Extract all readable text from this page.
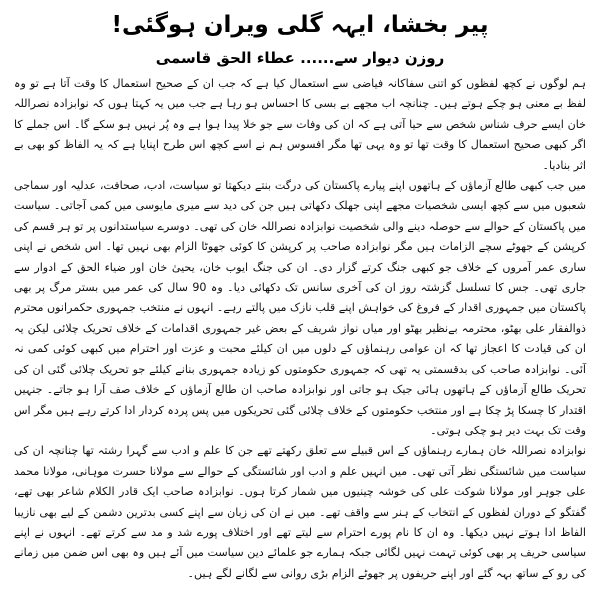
پیر بخشا، ایہہ گلی ویران ہوگئی!
روزن دیوار سے...... عطاء الحق قاسمی

ہم لوگوں نے کچھ لفظوں کو اتنی سفاکانہ فیاضی سے استعمال کیا ہے کہ جب ان کے صحیح استعمال کا وقت آتا ہے تو وہ لفظ بے معنی ہو چکے ہوتے ہیں۔ چنانچہ اب مجھے بے بسی کا احساس ہو رہا ہے جب میں یہ کہتا ہوں کہ نوابزادہ نصراللہ خان ایسے حرف شناس شخص سے حیا آتی ہے کہ ان کی وفات سے جو خلا پیدا ہوا ہے وہ پُر نہیں ہو سکے گا۔ اس جملے کا اگر کبھی صحیح استعمال کا وقت تھا تو وہ یہی تھا مگر افسوس ہم نے اسے کچھ اس طرح اپنایا ہے کہ یہ الفاظ کو بھی بے اثر بنادیا۔

میں جب کبھی طالع آزماؤں کے ہاتھوں اپنے پیارے پاکستان کی درگت بنتے دیکھتا تو سیاست، ادب، صحافت، عدلیہ اور سماجی شعبوں میں سے کچھ ایسی شخصیات مجھے اپنی جھلک دکھاتی ہیں جن کی دید سے میری مایوسی میں کمی آجاتی۔ سیاست میں پاکستان کے حوالے سے حوصلہ دینے والی شخصیت نوابزادہ نصراللہ خان کی تھی۔ دوسرے سیاستدانوں پر تو ہر قسم کی کرپشن کے جھوٹے سچے الزامات ہیں مگر نوابزادہ صاحب پر کرپشن کا کوئی جھوٹا الزام بھی نہیں تھا۔ اس شخص نے اپنی ساری عمر آمروں کے خلاف جو کبھی جنگ کرتے گزار دی۔ ان کی جنگ ایوب خان، یحییٰ خان اور ضیاء الحق کے ادوار سے جاری تھی۔ جس کا تسلسل گزشتہ روز ان کی آخری سانس تک دکھائی دیا۔ وہ 90 سال کی عمر میں بستر مرگ پر بھی پاکستان میں جمہوری اقدار کے فروغ کی خواہش اپنے قلب نازک میں پالتے رہے۔ انہوں نے منتخب جمہوری حکمرانوں محترم ذوالفقار علی بھٹو، محترمہ بےنظیر بھٹو اور میاں نواز شریف کے بعض غیر جمہوری اقدامات کے خلاف تحریک چلائی لیکن یہ ان کی قیادت کا اعجاز تھا کہ ان عوامی رہنماؤں کے دلوں میں ان کیلئے محبت و عزت اور احترام میں کبھی کوئی کمی نہ آئی۔ نوابزادہ صاحب کی بدقسمتی یہ تھی کہ جمہوری حکومتوں کو زیادہ جمہوری بنانے کیلئے جو تحریک چلائی گئی ان کی تحریک طالع آزماؤں کے ہاتھوں ہائی جیک ہو جاتی اور نوابزادہ صاحب ان طالع آزماؤں کے خلاف صف آرا ہو جاتے۔ جنہیں اقتدار کا چسکا پڑ چکا ہے اور منتخب حکومتوں کے خلاف چلائی گئی تحریکوں میں پس پردہ کردار ادا کرتے رہے ہیں مگر اس وقت تک بہت دیر ہو چکی ہوتی۔

نوابزادہ نصراللہ خان ہمارے رہنماؤں کے اس قبیلے سے تعلق رکھتے تھے جن کا علم و ادب سے گہرا رشتہ تھا چنانچہ ان کی سیاست میں شائستگی نظر آتی تھی۔ میں انہیں علم و ادب اور شائستگی کے حوالے سے مولانا حسرت موہانی، مولانا محمد علی جوہر اور مولانا شوکت علی کی خوشہ چینیوں میں شمار کرتا ہوں۔ نوابزادہ صاحب ایک قادر الکلام شاعر بھی تھے، گفتگو کے دوران لفظوں کے انتخاب کے ہنر سے واقف تھے۔ میں نے ان کی زبان سے اپنے کسی بدترین دشمن کے لیے بھی نازیبا الفاظ ادا ہوتے نہیں دیکھا۔ وہ ان کا نام پورے احترام سے لیتے تھے اور اختلاف پورے شد و مد سے کرتے تھے۔ انہوں نے اپنے سیاسی حریف پر بھی کوئی تہمت نہیں لگائی جبکہ ہمارے جو علمائے دین سیاست میں آئے ہیں وہ بھی اس ضمن میں زمانے کی رو کے ساتھ بہہ گئے اور اپنے حریفوں پر جھوٹے الزام بڑی روانی سے لگانے لگے ہیں۔
